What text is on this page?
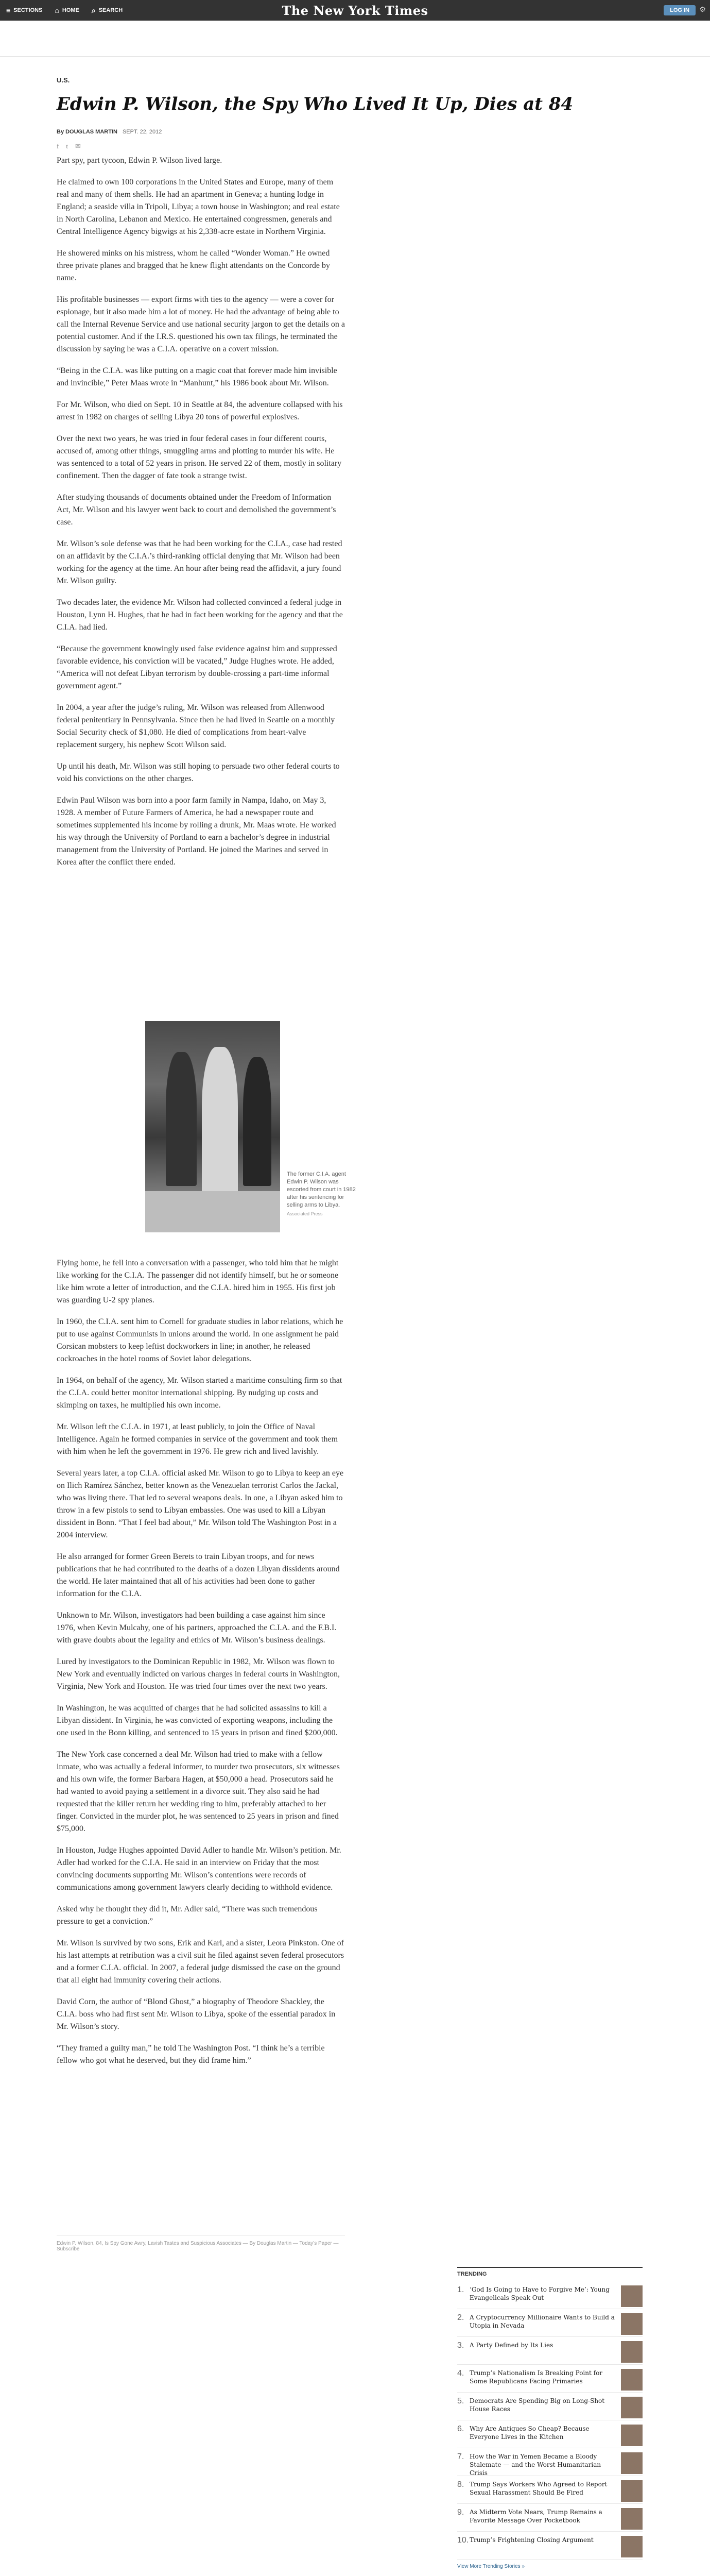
≡ SECTIONS ⌂ HOME ⌕ SEARCH	The New York Times	LOG IN	⚙
U.S.
Edwin P. Wilson, the Spy Who Lived It Up, Dies at 84
By DOUGLAS MARTIN SEPT. 22, 2012
f t ✉

Part spy, part tycoon, Edwin P. Wilson lived large.

He claimed to own 100 corporations in the United States and Europe, many of them real and many of them shells. He had an apartment in Geneva; a hunting lodge in England; a seaside villa in Tripoli, Libya; a town house in Washington; and real estate in North Carolina, Lebanon and Mexico. He entertained congressmen, generals and Central Intelligence Agency bigwigs at his 2,338-acre estate in Northern Virginia.

He showered minks on his mistress, whom he called “Wonder Woman.” He owned three private planes and bragged that he knew flight attendants on the Concorde by name.

His profitable businesses — export firms with ties to the agency — were a cover for espionage, but it also made him a lot of money. He had the advantage of being able to call the Internal Revenue Service and use national security jargon to get the details on a potential customer. And if the I.R.S. questioned his own tax filings, he terminated the discussion by saying he was a C.I.A. operative on a covert mission.

“Being in the C.I.A. was like putting on a magic coat that forever made him invisible and invincible,” Peter Maas wrote in “Manhunt,” his 1986 book about Mr. Wilson.

For Mr. Wilson, who died on Sept. 10 in Seattle at 84, the adventure collapsed with his arrest in 1982 on charges of selling Libya 20 tons of powerful explosives.

Over the next two years, he was tried in four federal cases in four different courts, accused of, among other things, smuggling arms and plotting to murder his wife. He was sentenced to a total of 52 years in prison. He served 22 of them, mostly in solitary confinement. Then the dagger of fate took a strange twist.

After studying thousands of documents obtained under the Freedom of Information Act, Mr. Wilson and his lawyer went back to court and demolished the government’s case.

Mr. Wilson’s sole defense was that he had been working for the C.I.A., case had rested on an affidavit by the C.I.A.’s third-ranking official denying that Mr. Wilson had been working for the agency at the time. An hour after being read the affidavit, a jury found Mr. Wilson guilty.

Two decades later, the evidence Mr. Wilson had collected convinced a federal judge in Houston, Lynn H. Hughes, that he had in fact been working for the agency and that the C.I.A. had lied.

“Because the government knowingly used false evidence against him and suppressed favorable evidence, his conviction will be vacated,” Judge Hughes wrote. He added, “America will not defeat Libyan terrorism by double-crossing a part-time informal government agent.”

In 2004, a year after the judge’s ruling, Mr. Wilson was released from Allenwood federal penitentiary in Pennsylvania. Since then he had lived in Seattle on a monthly Social Security check of $1,080. He died of complications from heart-valve replacement surgery, his nephew Scott Wilson said.

Up until his death, Mr. Wilson was still hoping to persuade two other federal courts to void his convictions on the other charges.

Edwin Paul Wilson was born into a poor farm family in Nampa, Idaho, on May 3, 1928. A member of Future Farmers of America, he had a newspaper route and sometimes supplemented his income by rolling a drunk, Mr. Maas wrote. He worked his way through the University of Portland to earn a bachelor’s degree in industrial management from the University of Portland. He joined the Marines and served in Korea after the conflict there ended.

The former C.I.A. agent Edwin P. Wilson was escorted from court in 1982 after his sentencing for selling arms to Libya.
Associated Press

Flying home, he fell into a conversation with a passenger, who told him that he might like working for the C.I.A. The passenger did not identify himself, but he or someone like him wrote a letter of introduction, and the C.I.A. hired him in 1955. His first job was guarding U-2 spy planes.

In 1960, the C.I.A. sent him to Cornell for graduate studies in labor relations, which he put to use against Communists in unions around the world. In one assignment he paid Corsican mobsters to keep leftist dockworkers in line; in another, he released cockroaches in the hotel rooms of Soviet labor delegations.

In 1964, on behalf of the agency, Mr. Wilson started a maritime consulting firm so that the C.I.A. could better monitor international shipping. By nudging up costs and skimping on taxes, he multiplied his own income.

Mr. Wilson left the C.I.A. in 1971, at least publicly, to join the Office of Naval Intelligence. Again he formed companies in service of the government and took them with him when he left the government in 1976. He grew rich and lived lavishly.

Several years later, a top C.I.A. official asked Mr. Wilson to go to Libya to keep an eye on Ilich Ramírez Sánchez, better known as the Venezuelan terrorist Carlos the Jackal, who was living there. That led to several weapons deals. In one, a Libyan asked him to throw in a few pistols to send to Libyan embassies. One was used to kill a Libyan dissident in Bonn. “That I feel bad about,” Mr. Wilson told The Washington Post in a 2004 interview.

He also arranged for former Green Berets to train Libyan troops, and for news publications that he had contributed to the deaths of a dozen Libyan dissidents around the world. He later maintained that all of his activities had been done to gather information for the C.I.A.

Unknown to Mr. Wilson, investigators had been building a case against him since 1976, when Kevin Mulcahy, one of his partners, approached the C.I.A. and the F.B.I. with grave doubts about the legality and ethics of Mr. Wilson’s business dealings.

Lured by investigators to the Dominican Republic in 1982, Mr. Wilson was flown to New York and eventually indicted on various charges in federal courts in Washington, Virginia, New York and Houston. He was tried four times over the next two years.

In Washington, he was acquitted of charges that he had solicited assassins to kill a Libyan dissident. In Virginia, he was convicted of exporting weapons, including the one used in the Bonn killing, and sentenced to 15 years in prison and fined $200,000.

The New York case concerned a deal Mr. Wilson had tried to make with a fellow inmate, who was actually a federal informer, to murder two prosecutors, six witnesses and his own wife, the former Barbara Hagen, at $50,000 a head. Prosecutors said he had wanted to avoid paying a settlement in a divorce suit. They also said he had requested that the killer return her wedding ring to him, preferably attached to her finger. Convicted in the murder plot, he was sentenced to 25 years in prison and fined $75,000.

In Houston, Judge Hughes appointed David Adler to handle Mr. Wilson’s petition. Mr. Adler had worked for the C.I.A. He said in an interview on Friday that the most convincing documents supporting Mr. Wilson’s contentions were records of communications among government lawyers clearly deciding to withhold evidence.

Asked why he thought they did it, Mr. Adler said, “There was such tremendous pressure to get a conviction.”

Mr. Wilson is survived by two sons, Erik and Karl, and a sister, Leora Pinkston. One of his last attempts at retribution was a civil suit he filed against seven federal prosecutors and a former C.I.A. official. In 2007, a federal judge dismissed the case on the ground that all eight had immunity covering their actions.

David Corn, the author of “Blond Ghost,” a biography of Theodore Shackley, the C.I.A. boss who had first sent Mr. Wilson to Libya, spoke of the essential paradox in Mr. Wilson’s story.

“They framed a guilty man,” he told The Washington Post. “I think he’s a terrible fellow who got what he deserved, but they did frame him.”

Edwin P. Wilson, 84, Is Spy Gone Awry, Lavish Tastes and Suspicious Associates — By Douglas Martin — Today’s Paper — Subscribe
TRENDING
1. ‘God Is Going to Have to Forgive Me’: Young Evangelicals Speak Out
2. A Cryptocurrency Millionaire Wants to Build a Utopia in Nevada
3. A Party Defined by Its Lies
4. Trump’s Nationalism Is Breaking Point for Some Republicans Facing Primaries
5. Democrats Are Spending Big on Long-Shot House Races
6. Why Are Antiques So Cheap? Because Everyone Lives in the Kitchen
7. How the War in Yemen Became a Bloody Stalemate — and the Worst Humanitarian Crisis
8. Trump Says Workers Who Agreed to Report Sexual Harassment Should Be Fired
9. As Midterm Vote Nears, Trump Remains a Favorite Message Over Pocketbook
10. Trump’s Frightening Closing Argument
View More Trending Stories »
